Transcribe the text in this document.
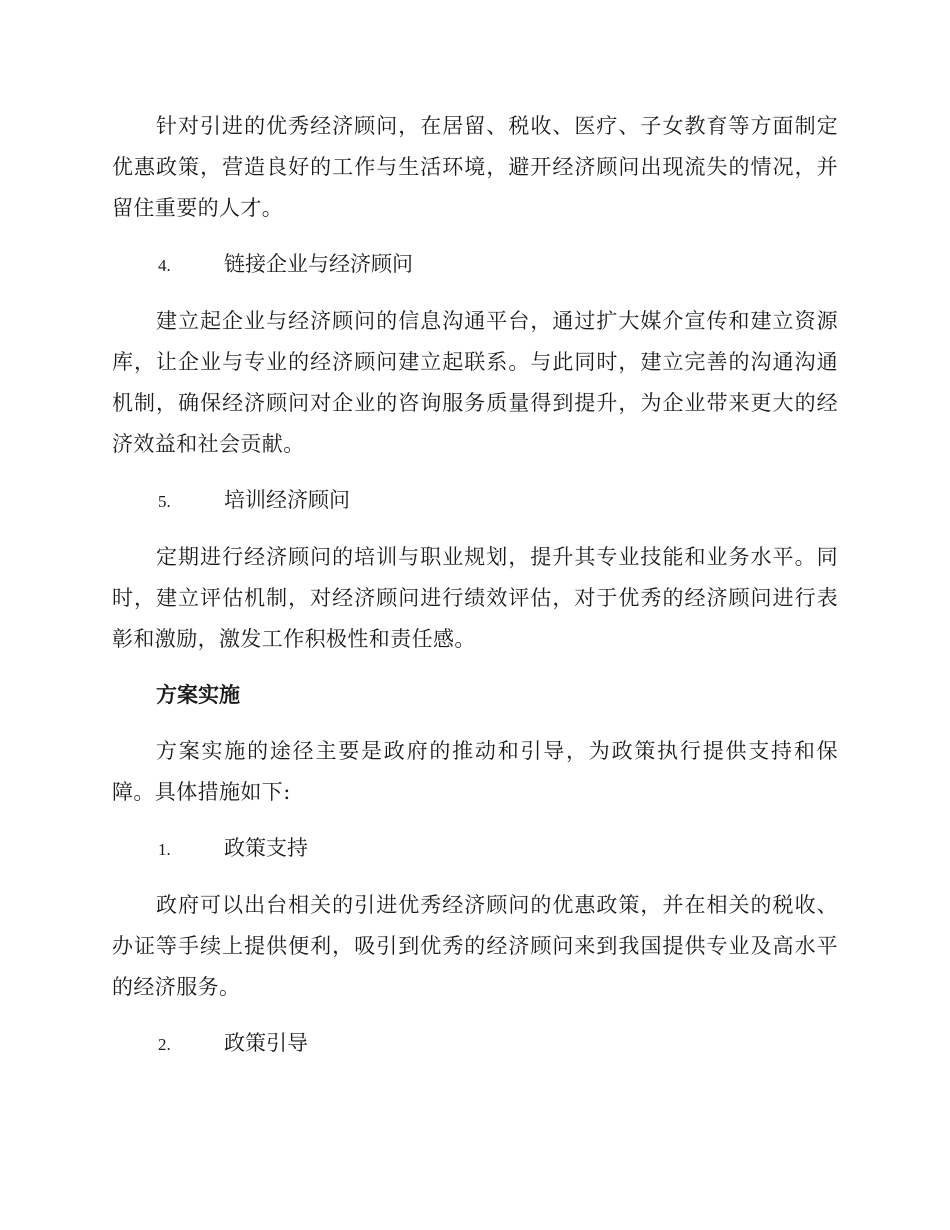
针对引进的优秀经济顾问，在居留、税收、医疗、子女教育等方面制定优惠政策，营造良好的工作与生活环境，避开经济顾问出现流失的情况，并留住重要的人才。

4.	链接企业与经济顾问

建立起企业与经济顾问的信息沟通平台，通过扩大媒介宣传和建立资源库，让企业与专业的经济顾问建立起联系。与此同时，建立完善的沟通沟通机制，确保经济顾问对企业的咨询服务质量得到提升，为企业带来更大的经济效益和社会贡献。

5.	培训经济顾问

定期进行经济顾问的培训与职业规划，提升其专业技能和业务水平。同时，建立评估机制，对经济顾问进行绩效评估，对于优秀的经济顾问进行表彰和激励，激发工作积极性和责任感。

方案实施

方案实施的途径主要是政府的推动和引导，为政策执行提供支持和保障。具体措施如下:

1.	政策支持

政府可以出台相关的引进优秀经济顾问的优惠政策，并在相关的税收、办证等手续上提供便利，吸引到优秀的经济顾问来到我国提供专业及高水平的经济服务。

2.	政策引导
